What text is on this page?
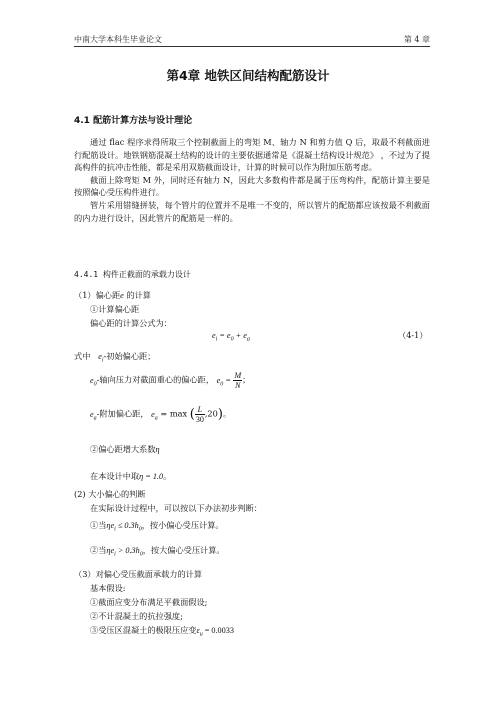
中南大学本科生毕业论文	第 4 章
第4章 地铁区间结构配筋设计
4.1 配筋计算方法与设计理论

通过 flac 程序求得所取三个控制截面上的弯矩 M、轴力 N 和剪力值 Q 后，取最不利截面进行配筋设计。地铁钢筋混凝土结构的设计的主要依据通常是《混凝土结构设计规范》 ，不过为了提高构件的抗冲击性能，都是采用双筋截面设计，计算的时候可以作为附加压筋考虑。

截面上除弯矩 M 外，同时还有轴力 N，因此大多数构件都是属于压弯构件，配筋计算主要是按照偏心受压构件进行。

管片采用错缝拼装，每个管片的位置并不是唯一不变的，所以管片的配筋都应该按最不利截面的内力进行设计，因此管片的配筋是一样的。

4.4.1 构件正截面的承载力设计
（1）偏心距e 的计算
①计算偏心距
偏心距的计算公式为：
$e_i = e_0 + e_a$	（4-1）
式中 $e_i-$初始偏心距；
$e_0-$轴向压力对截面重心的偏心距， $e_0 = \frac{M}{N}$ ；
$e_a-$附加偏心距， $e_a = \max$ ( $\frac{L}{30} ,20$)。
②偏心距增大系数η
在本设计中取η = 1.0。
(2) 大小偏心的判断
在实际设计过程中，可以按以下办法初步判断：
①当$\eta e_i \le 0.3h_0$，按小偏心受压计算。
②当$\eta e_i > 0.3h_0$，按大偏心受压计算。
（3）对偏心受压截面承载力的计算
基本假设:
①截面应变分布满足平截面假设;
②不计混凝土的抗拉强度;
③受压区混凝土的极限压应变$\varepsilon_u = 0.0033$
